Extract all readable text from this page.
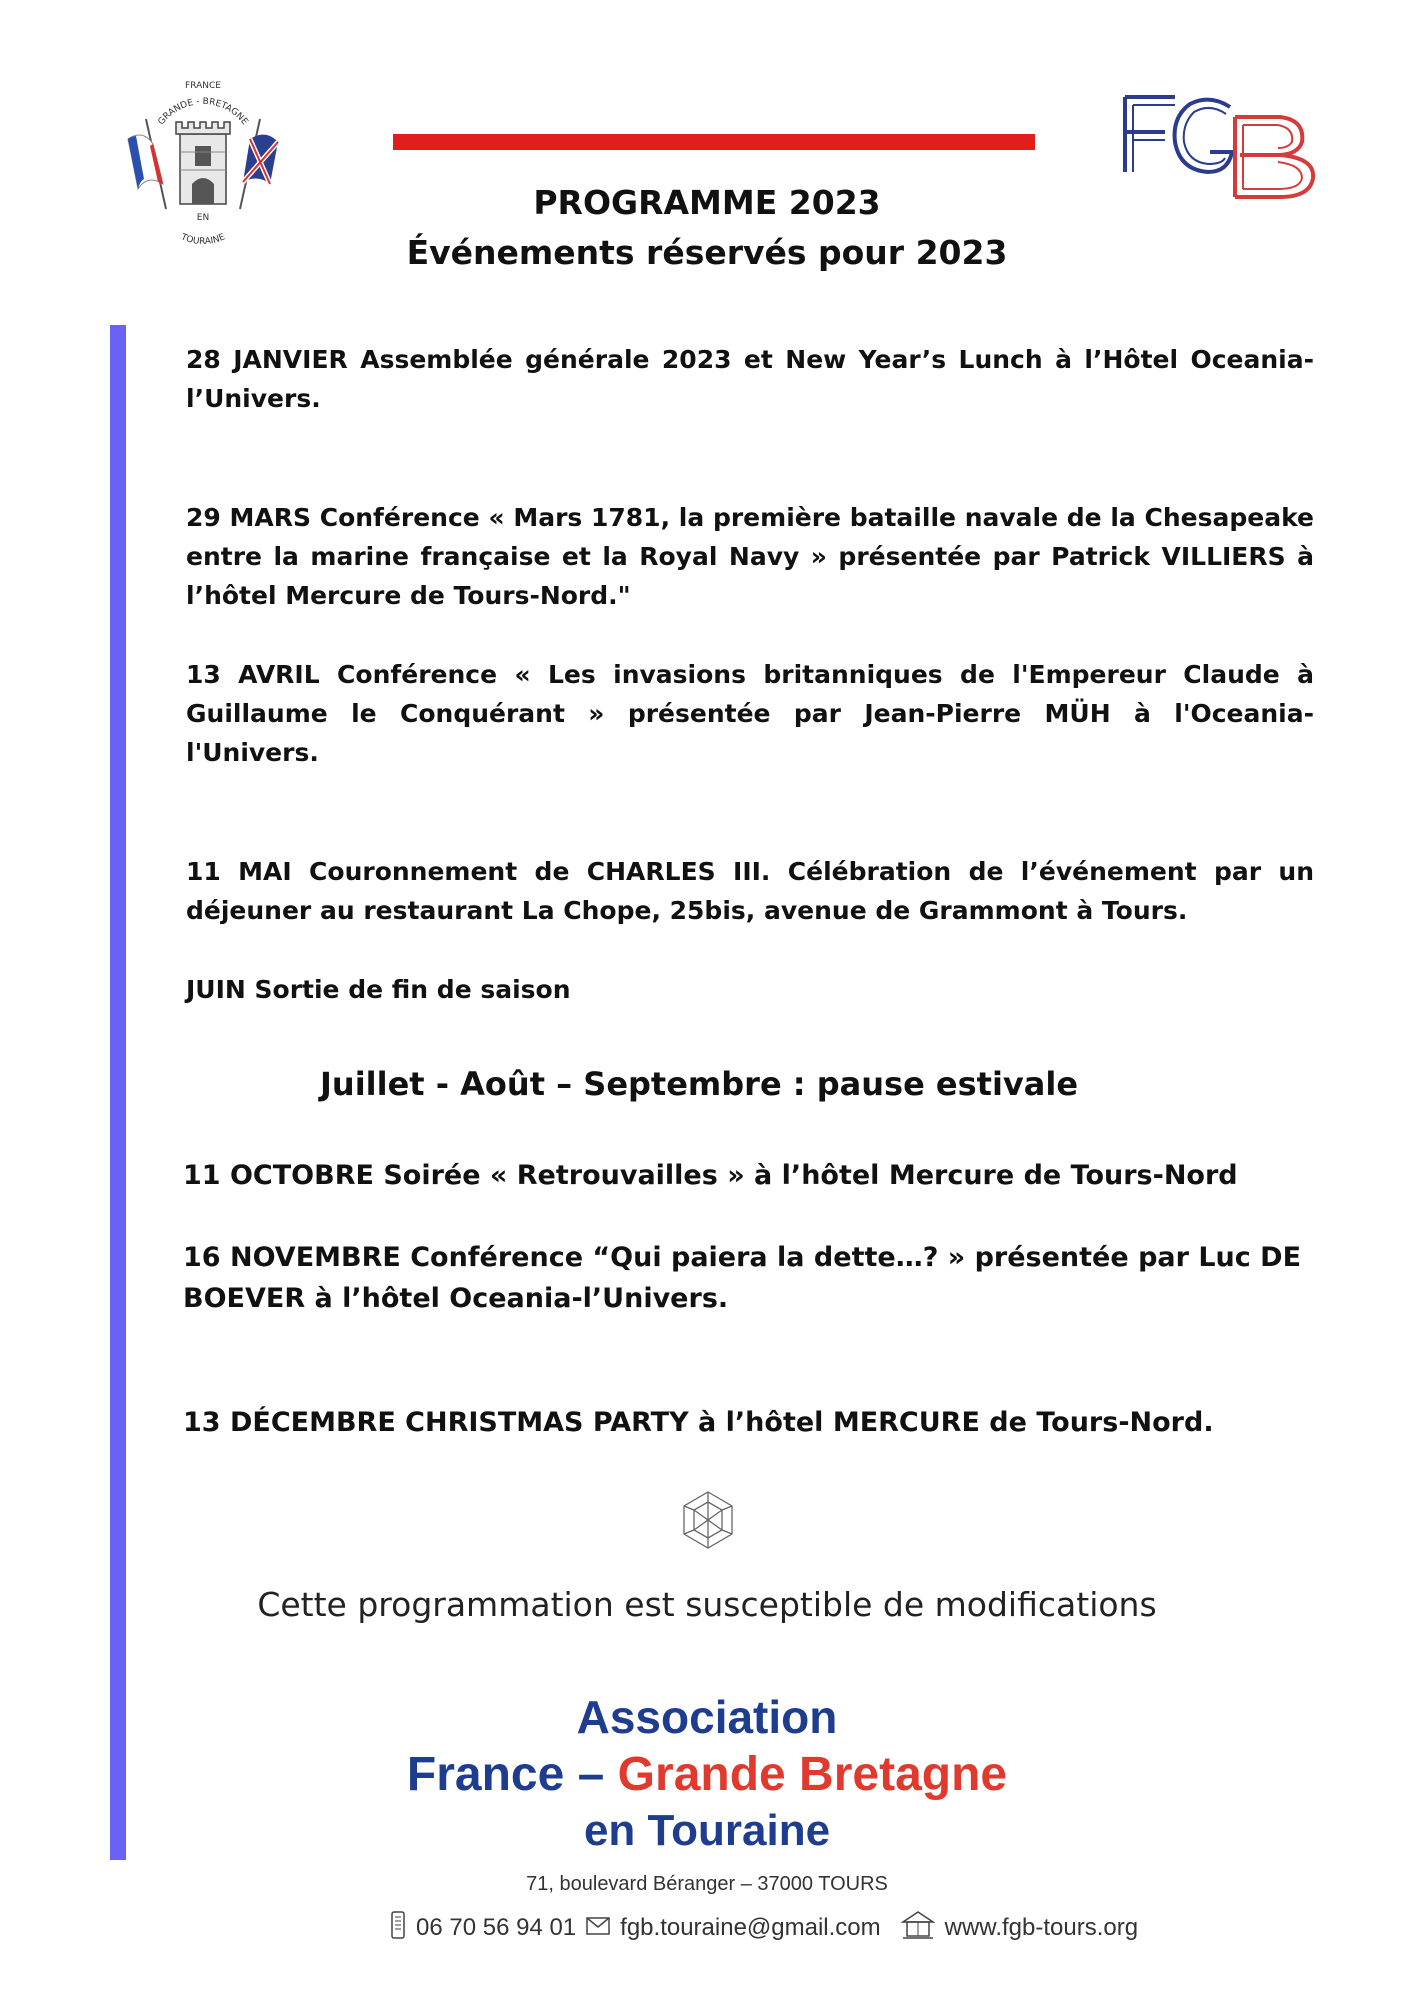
GRANDE - BRETAGNE
FRANCE
EN
TOURAINE
FGB
PROGRAMME 2023
Événements réservés pour 2023
28 JANVIER Assemblée générale 2023 et New Year’s Lunch à l’Hôtel Oceania-l’Univers.
29 MARS Conférence « Mars 1781, la première bataille navale de la Chesapeake entre la marine française et la Royal Navy » présentée par Patrick VILLIERS à l’hôtel Mercure de Tours-Nord."
13 AVRIL Conférence « Les invasions britanniques de l'Empereur Claude à Guillaume le Conquérant » présentée par Jean-Pierre MÜH à l'Oceania-l'Univers.
11 MAI Couronnement de CHARLES III. Célébration de l’événement par un déjeuner au restaurant La Chope, 25bis, avenue de Grammont à Tours.
JUIN Sortie de fin de saison
Juillet - Août – Septembre : pause estivale
11 OCTOBRE Soirée « Retrouvailles » à l’hôtel Mercure de Tours-Nord
16 NOVEMBRE Conférence “Qui paiera la dette…? » présentée par Luc DE BOEVER à l’hôtel Oceania-l’Univers.
13 DÉCEMBRE CHRISTMAS PARTY à l’hôtel MERCURE de Tours-Nord.
Cette programmation est susceptible de modifications
Association
France – Grande Bretagne
en Touraine
71, boulevard Béranger – 37000 TOURS
06 70 56 94 01 fgb.touraine@gmail.com	www.fgb-tours.org
